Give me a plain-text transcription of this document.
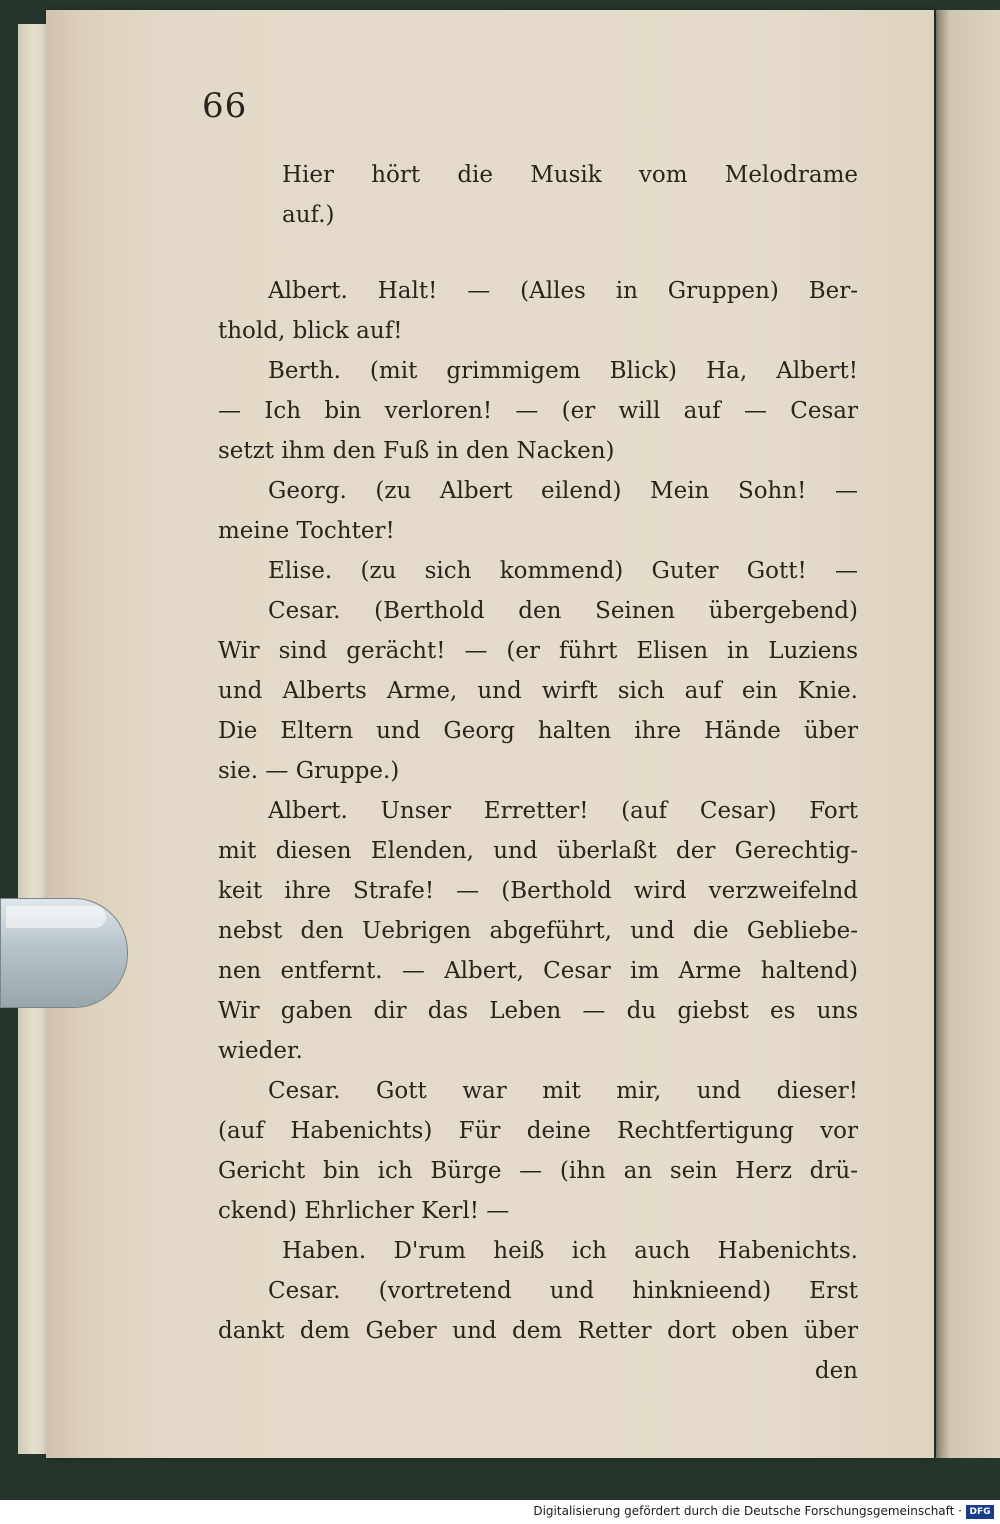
66
Hier hört die Musik vom Melodrame
auf.)
Albert. Halt! — (Alles in Gruppen) Ber-
thold, blick auf!
Berth. (mit grimmigem Blick) Ha, Albert!
— Ich bin verloren! — (er will auf — Cesar
setzt ihm den Fuß in den Nacken)
Georg. (zu Albert eilend) Mein Sohn! —
meine Tochter!
Elise. (zu sich kommend) Guter Gott! —
Cesar. (Berthold den Seinen übergebend)
Wir sind gerächt! — (er führt Elisen in Luziens
und Alberts Arme, und wirft sich auf ein Knie.
Die Eltern und Georg halten ihre Hände über
sie. — Gruppe.)
Albert. Unser Erretter! (auf Cesar) Fort
mit diesen Elenden, und überlaßt der Gerechtig-
keit ihre Strafe! — (Berthold wird verzweifelnd
nebst den Uebrigen abgeführt, und die Gebliebe-
nen entfernt. — Albert, Cesar im Arme haltend)
Wir gaben dir das Leben — du giebst es uns
wieder.
Cesar. Gott war mit mir, und dieser!
(auf Habenichts) Für deine Rechtfertigung vor
Gericht bin ich Bürge — (ihn an sein Herz drü-
ckend) Ehrlicher Kerl! —
Haben. D'rum heiß ich auch Habenichts.
Cesar. (vortretend und hinknieend) Erst
dankt dem Geber und dem Retter dort oben über
den
Digitalisierung gefördert durch die Deutsche Forschungsgemeinschaft · DFG
